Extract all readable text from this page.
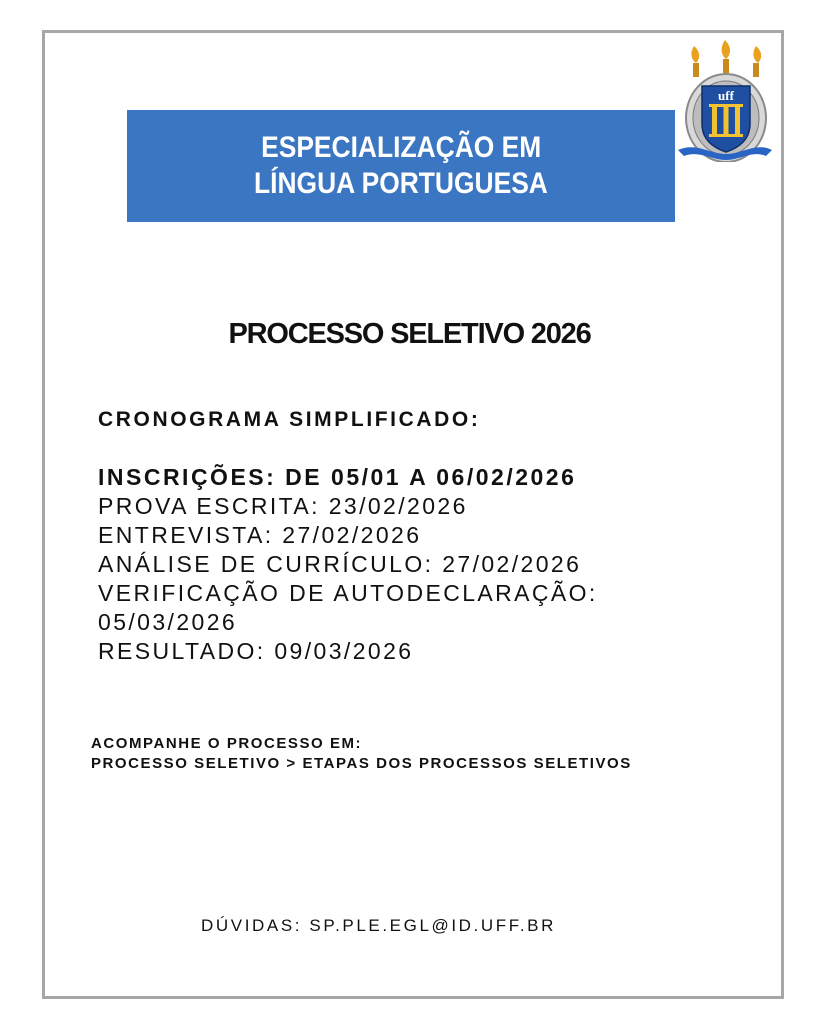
ESPECIALIZAÇÃO EM
LÍNGUA PORTUGUESA
uff
PROCESSO SELETIVO 2026
CRONOGRAMA SIMPLIFICADO:
INSCRIÇÕES: DE 05/01 A 06/02/2026
PROVA ESCRITA: 23/02/2026
ENTREVISTA: 27/02/2026
ANÁLISE DE CURRÍCULO: 27/02/2026
VERIFICAÇÃO DE AUTODECLARAÇÃO:
05/03/2026
RESULTADO: 09/03/2026
ACOMPANHE O PROCESSO EM:
PROCESSO SELETIVO > ETAPAS DOS PROCESSOS SELETIVOS
DÚVIDAS: SP.PLE.EGL@ID.UFF.BR
